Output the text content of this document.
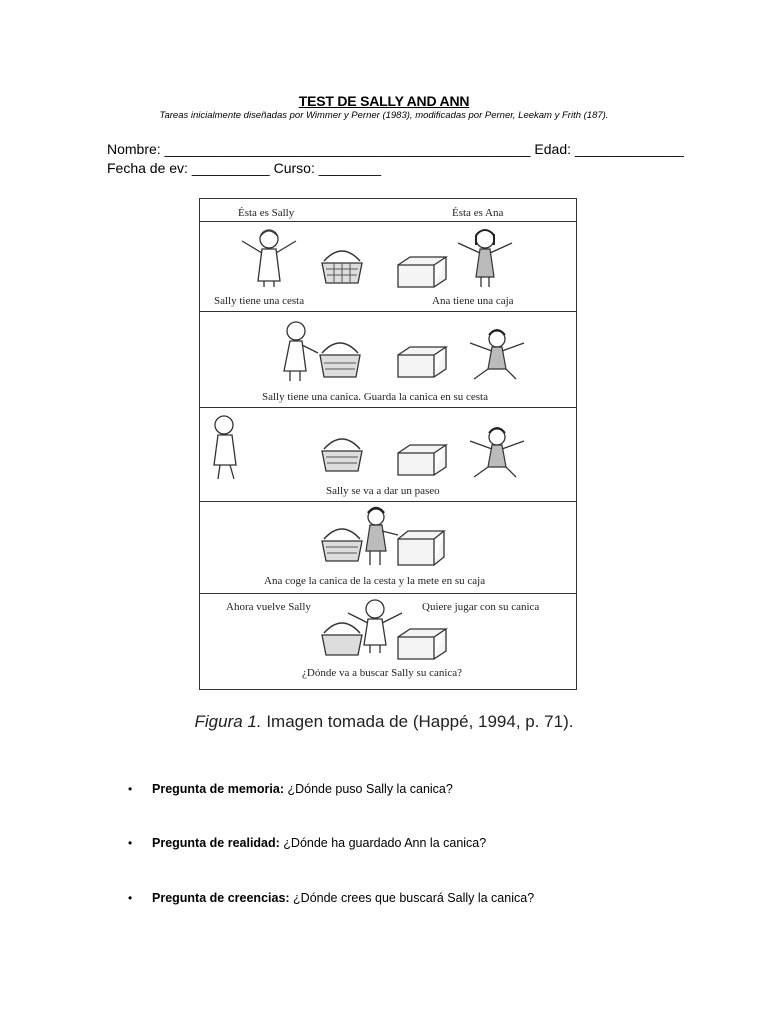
TEST DE SALLY AND ANN
Tareas inicialmente diseñadas por Wimmer y Perner (1983), modificadas por Perner, Leekam y Frith (187).
Nombre: _______________________________________________ Edad: ______________
Fecha de ev: __________ Curso: ________
Ésta es Sally	Ésta es Ana
Sally tiene una cesta	Ana tiene una caja
Sally tiene una canica. Guarda la canica en su cesta
Sally se va a dar un paseo
Ana coge la canica de la cesta y la mete en su caja
Ahora vuelve Sally	Quiere jugar con su canica
¿Dónde va a buscar Sally su canica?
Figura 1. Imagen tomada de (Happé, 1994, p. 71).
• Pregunta de memoria: ¿Dónde puso Sally la canica?
• Pregunta de realidad: ¿Dónde ha guardado Ann la canica?
• Pregunta de creencias: ¿Dónde crees que buscará Sally la canica?
